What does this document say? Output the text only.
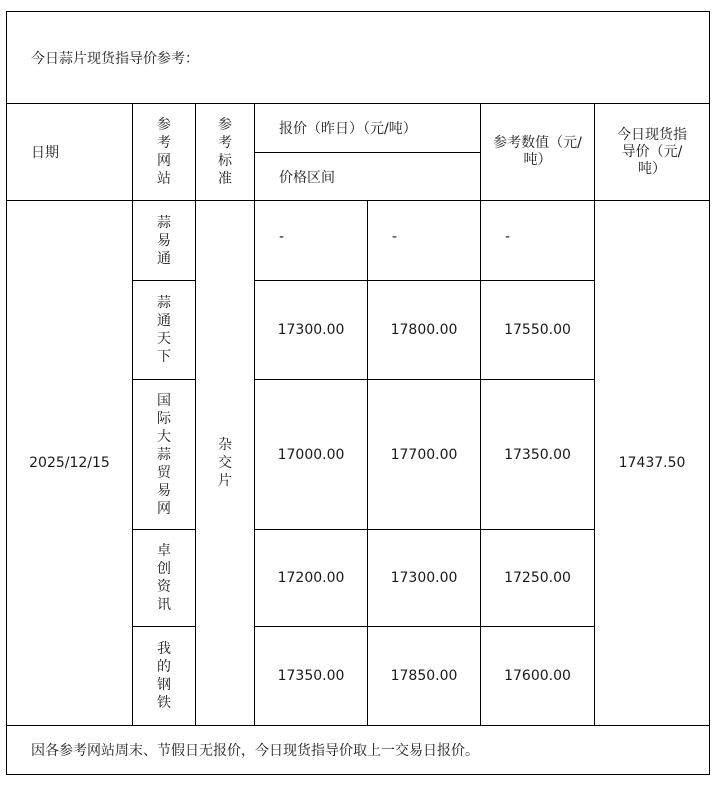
今日蒜片现货指导价参考：						
日期	参考网站	参考标准	报价（昨日）（元/吨）		参考数值（元/吨）	今日现货指导价（元/吨）

			价格区间			
2025/12/15	蒜易通	杂交片	-	-	-	17437.50

	蒜通天下		17300.00	17800.00	17550.00	

	国际大蒜贸易网		17000.00	17700.00	17350.00	

	卓创资讯		17200.00	17300.00	17250.00	

	我的钢铁		17350.00	17850.00	17600.00	
因各参考网站周末、节假日无报价，今日现货指导价取上一交易日报价。						
